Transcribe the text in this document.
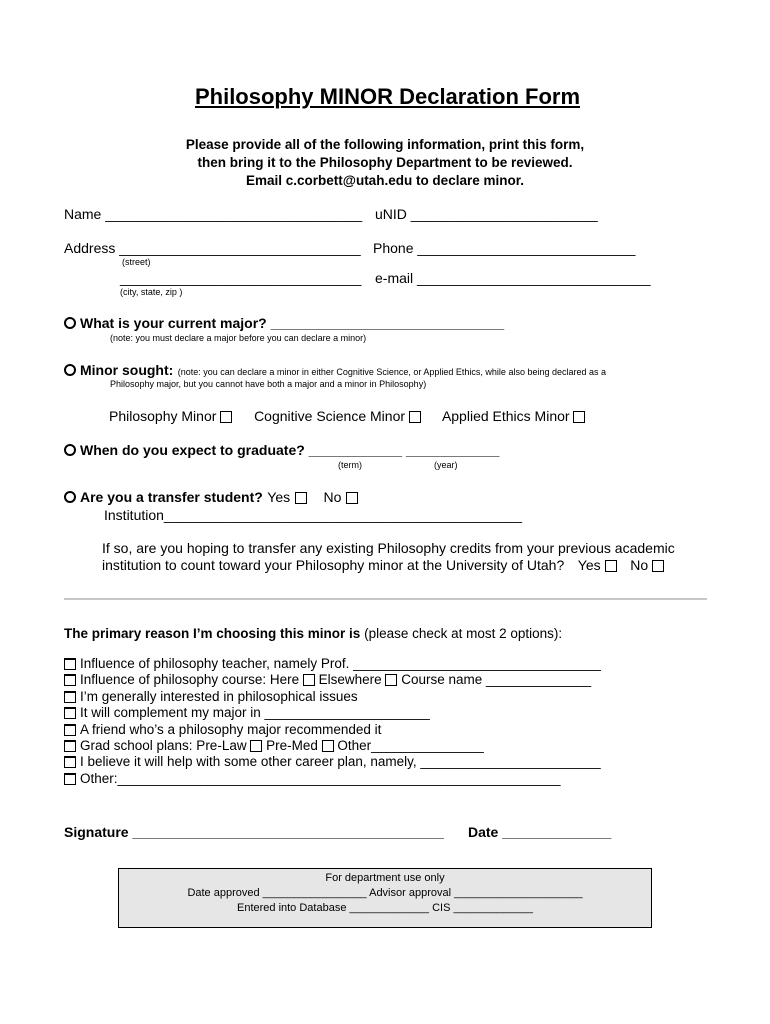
Philosophy MINOR Declaration Form
Please provide all of the following information, print this form,
then bring it to the Philosophy Department to be reviewed.
Email c.corbett@utah.edu to declare minor.
Name _________________________________ uNID ________________________
Address _______________________________ Phone ____________________________
(street)
_______________________________ e-mail ______________________________
(city, state, zip )
What is your current major? ______________________________
(note: you must declare a major before you can declare a minor)
Minor sought: (note: you can declare a minor in either Cognitive Science, or Applied Ethics, while also being declared as a
Philosophy major, but you cannot have both a major and a minor in Philosophy)
Philosophy Minor	Cognitive Science Minor	Applied Ethics Minor
When do you expect to graduate? ____________ ____________
(term)	(year)
Are you a transfer student? Yes No
Institution______________________________________________
If so, are you hoping to transfer any existing Philosophy credits from your previous academic
institution to count toward your Philosophy minor at the University of Utah? Yes No
The primary reason I’m choosing this minor is (please check at most 2 options):
Influence of philosophy teacher, namely Prof. _________________________________
Influence of philosophy course: Here  Elsewhere  Course name ______________
I’m generally interested in philosophical issues
It will complement my major in ______________________
A friend who’s a philosophy major recommended it
Grad school plans: Pre-Law  Pre-Med  Other_______________
I believe it will help with some other career plan, namely, ________________________
Other:___________________________________________________________
Signature ________________________________________ Date ______________
For department use only
Date approved _________________ Advisor approval _____________________
Entered into Database _____________ CIS _____________
